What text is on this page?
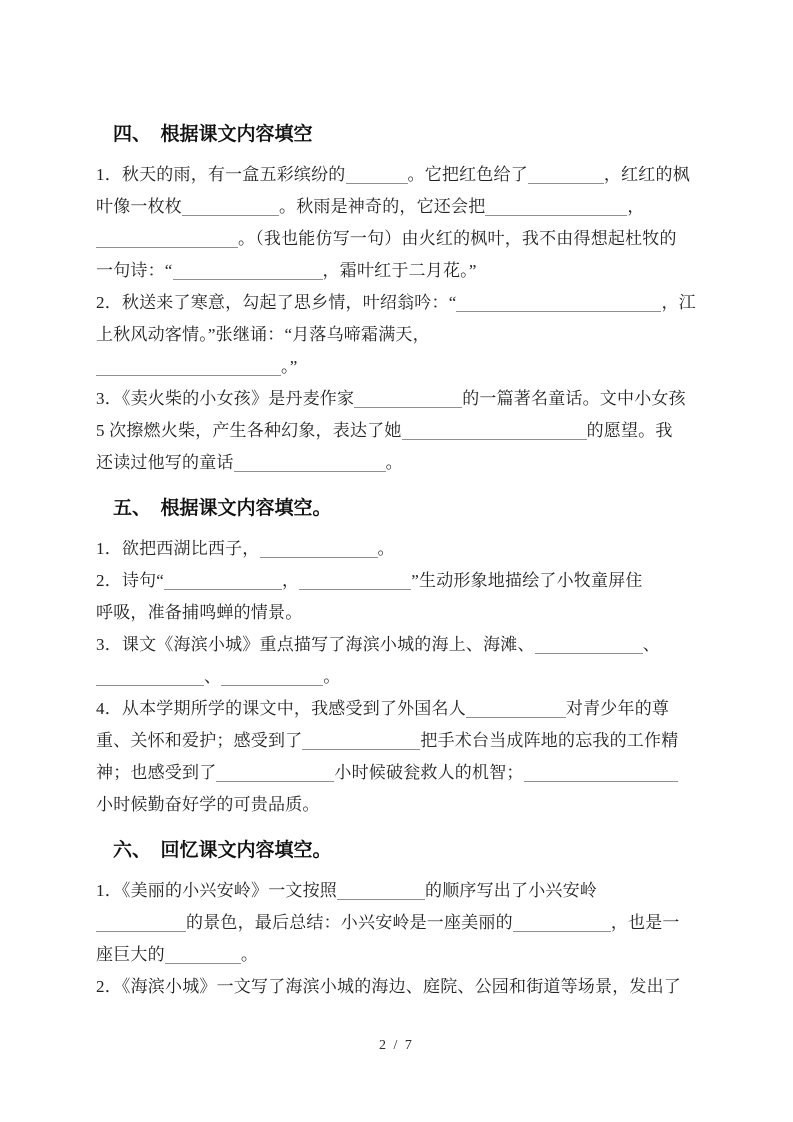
四、　根据课文内容填空
1．秋天的雨，有一盒五彩缤纷的	。它把红色给了	，红红的枫
叶像一枚枚	。秋雨是神奇的，它还会把	，
。（我也能仿写一句）由火红的枫叶，我不由得想起杜牧的
一句诗：“	，霜叶红于二月花。”
2．秋送来了寒意，勾起了思乡情，叶绍翁吟：“	，江
上秋风动客情。”张继诵：“月落乌啼霜满天，
。”
3．《卖火柴的小女孩》是丹麦作家	的一篇著名童话。文中小女孩
5 次擦燃火柴，产生各种幻象，表达了她	的愿望。我
还读过他写的童话	。
五、　根据课文内容填空。
1．欲把西湖比西子，	。
2．诗句“	，	”生动形象地描绘了小牧童屏住
呼吸，准备捕鸣蝉的情景。
3．课文《海滨小城》重点描写了海滨小城的海上、海滩、	、
、	。
4．从本学期所学的课文中，我感受到了外国名人	对青少年的尊
重、关怀和爱护；感受到了	把手术台当成阵地的忘我的工作精
神；也感受到了	小时候破瓮救人的机智；
小时候勤奋好学的可贵品质。
六、　回忆课文内容填空。
1．《美丽的小兴安岭》一文按照	的顺序写出了小兴安岭
的景色，最后总结：小兴安岭是一座美丽的	，也是一
座巨大的	。
2．《海滨小城》一文写了海滨小城的海边、庭院、公园和街道等场景，发出了
2 / 7
